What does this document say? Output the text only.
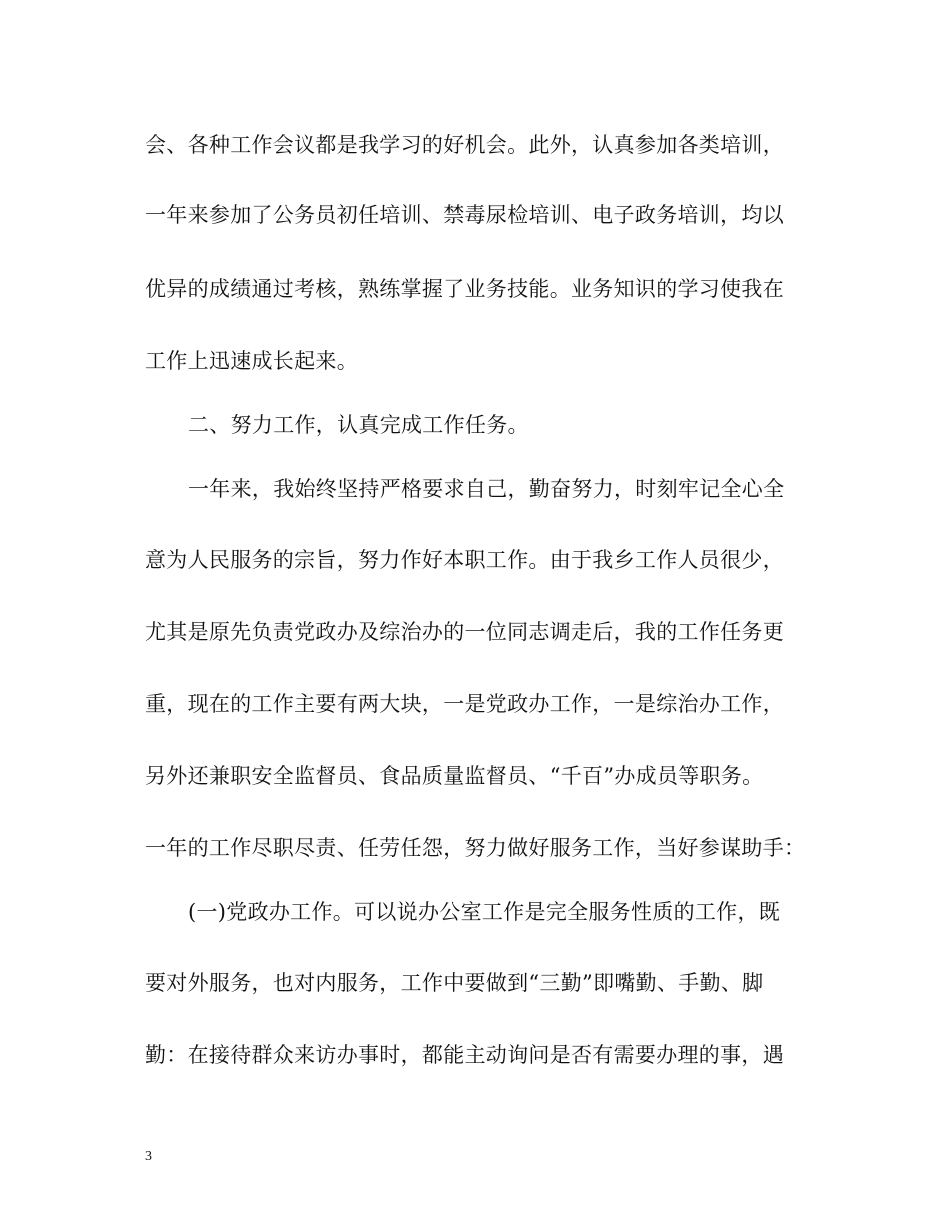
会、各种工作会议都是我学习的好机会。此外，认真参加各类培训，
一年来参加了公务员初任培训、禁毒尿检培训、电子政务培训，均以
优异的成绩通过考核，熟练掌握了业务技能。业务知识的学习使我在
工作上迅速成长起来。
二、努力工作，认真完成工作任务。
一年来，我始终坚持严格要求自己，勤奋努力，时刻牢记全心全
意为人民服务的宗旨，努力作好本职工作。由于我乡工作人员很少，
尤其是原先负责党政办及综治办的一位同志调走后，我的工作任务更
重，现在的工作主要有两大块，一是党政办工作，一是综治办工作，
另外还兼职安全监督员、食品质量监督员、“千百”办成员等职务。
一年的工作尽职尽责、任劳任怨，努力做好服务工作，当好参谋助手：
(一)党政办工作。可以说办公室工作是完全服务性质的工作，既
要对外服务，也对内服务，工作中要做到“三勤”即嘴勤、手勤、脚
勤：在接待群众来访办事时，都能主动询问是否有需要办理的事，遇
3
